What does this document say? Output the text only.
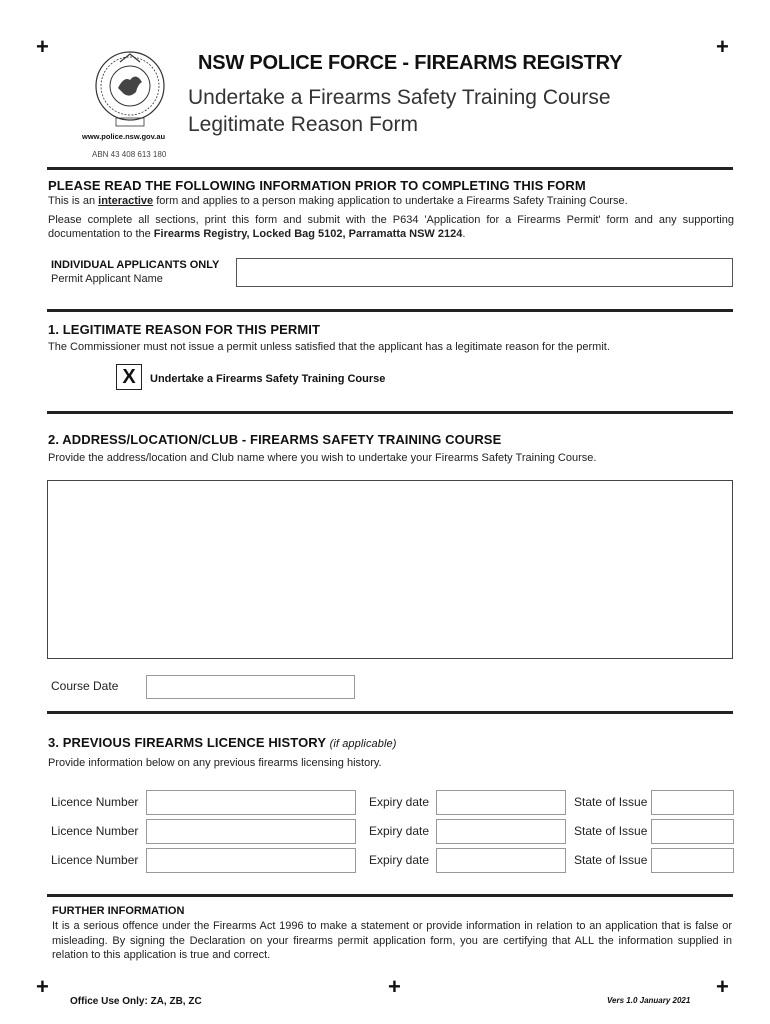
+	+
+	+	+
www.police.nsw.gov.au
ABN 43 408 613 180
NSW POLICE FORCE - FIREARMS REGISTRY
Undertake a Firearms Safety Training Course
Legitimate Reason Form
PLEASE READ THE FOLLOWING INFORMATION PRIOR TO COMPLETING THIS FORM
This is an interactive form and applies to a person making application to undertake a Firearms Safety Training Course.
Please complete all sections, print this form and submit with the P634 'Application for a Firearms Permit' form and any supporting documentation to the Firearms Registry, Locked Bag 5102, Parramatta NSW 2124.
INDIVIDUAL APPLICANTS ONLY
Permit Applicant Name
1. LEGITIMATE REASON FOR THIS PERMIT
The Commissioner must not issue a permit unless satisfied that the applicant has a legitimate reason for the permit.
X	Undertake a Firearms Safety Training Course
2. ADDRESS/LOCATION/CLUB - FIREARMS SAFETY TRAINING COURSE
Provide the address/location and Club name where you wish to undertake your Firearms Safety Training Course.
Course Date
3. PREVIOUS FIREARMS LICENCE HISTORY (if applicable)
Provide information below on any previous firearms licensing history.
Licence Number	Expiry date	State of Issue
Licence Number	Expiry date	State of Issue
Licence Number	Expiry date	State of Issue
FURTHER INFORMATION
It is a serious offence under the Firearms Act 1996 to make a statement or provide information in relation to an application that is false or misleading. By signing the Declaration on your firearms permit application form, you are certifying that ALL the information supplied in relation to this application is true and correct.
Office Use Only: ZA, ZB, ZC	Vers 1.0 January 2021
